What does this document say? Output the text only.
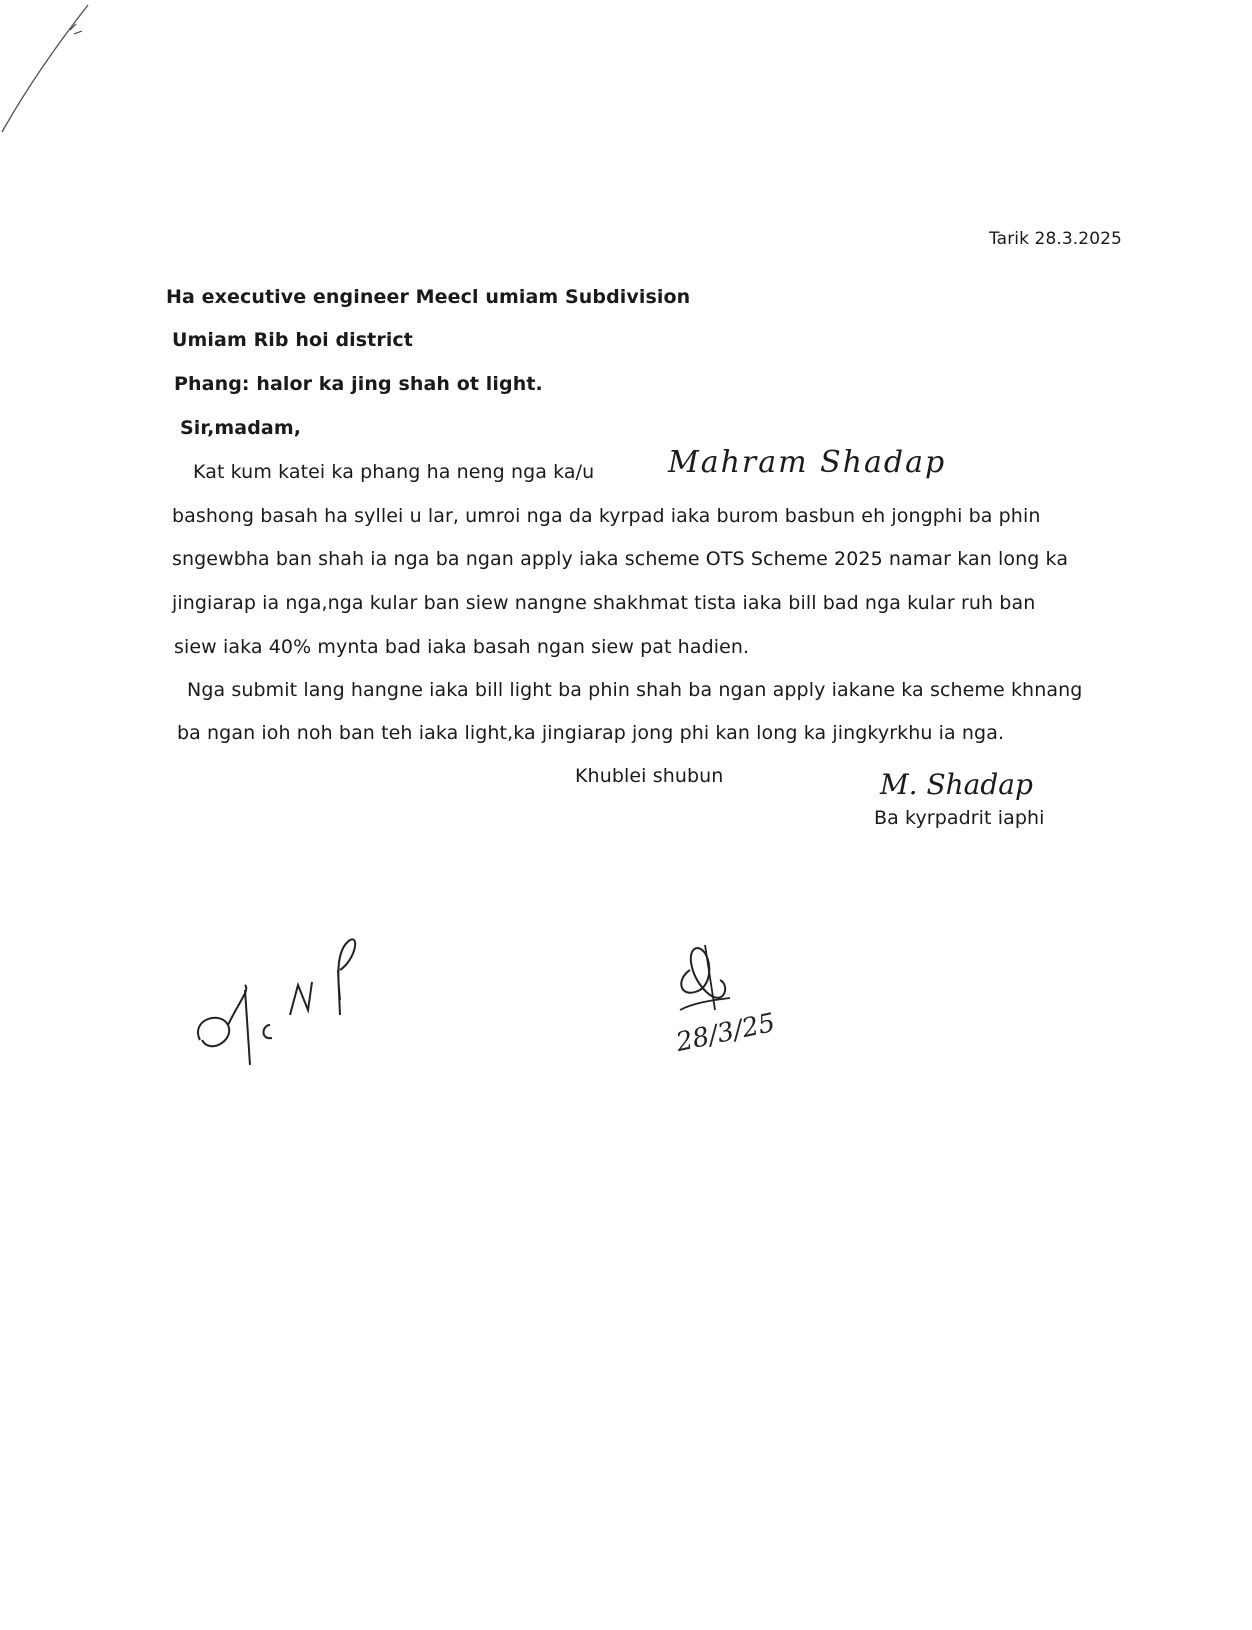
Tarik 28.3.2025
Ha executive engineer Meecl umiam Subdivision
Umiam Rib hoi district
Phang: halor ka jing shah ot light.
Sir,madam,
Kat kum katei ka phang ha neng nga ka/u Mahram Shadap
bashong basah ha syllei u lar, umroi nga da kyrpad iaka burom basbun eh jongphi ba phin
sngewbha ban shah ia nga ba ngan apply iaka scheme OTS Scheme 2025 namar kan long ka
jingiarap ia nga,nga kular ban siew nangne shakhmat tista iaka bill bad nga kular ruh ban
siew iaka 40% mynta bad iaka basah ngan siew pat hadien.
Nga submit lang hangne iaka bill light ba phin shah ba ngan apply iakane ka scheme khnang
ba ngan ioh noh ban teh iaka light,ka jingiarap jong phi kan long ka jingkyrkhu ia nga.
Khublei shubun	M. Shadap
Ba kyrpadrit iaphi
28/3/25
